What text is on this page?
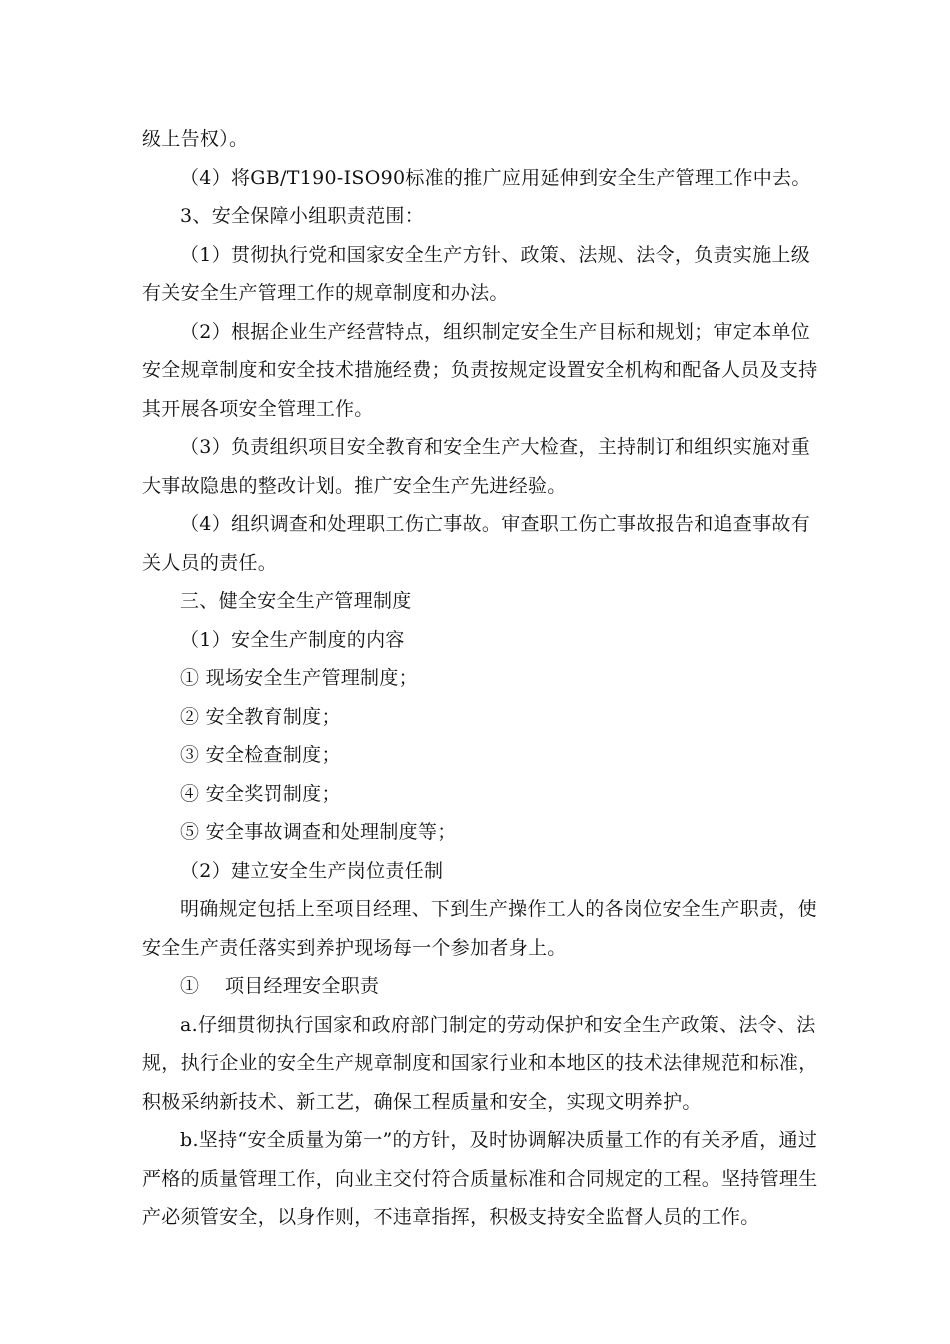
级上告权）。

（4）将GB/T190-ISO90标准的推广应用延伸到安全生产管理工作中去。

3、安全保障小组职责范围：

（1）贯彻执行党和国家安全生产方针、政策、法规、法令，负责实施上级有关安全生产管理工作的规章制度和办法。

（2）根据企业生产经营特点，组织制定安全生产目标和规划；审定本单位安全规章制度和安全技术措施经费；负责按规定设置安全机构和配备人员及支持其开展各项安全管理工作。

（3）负责组织项目安全教育和安全生产大检查，主持制订和组织实施对重大事故隐患的整改计划。推广安全生产先进经验。

（4）组织调查和处理职工伤亡事故。审查职工伤亡事故报告和追查事故有关人员的责任。

三、健全安全生产管理制度

（1）安全生产制度的内容

① 现场安全生产管理制度；

② 安全教育制度；

③ 安全检查制度；

④ 安全奖罚制度；

⑤ 安全事故调查和处理制度等；

（2）建立安全生产岗位责任制

明确规定包括上至项目经理、下到生产操作工人的各岗位安全生产职责，使安全生产责任落实到养护现场每一个参加者身上。

①　 项目经理安全职责

a.仔细贯彻执行国家和政府部门制定的劳动保护和安全生产政策、法令、法规，执行企业的安全生产规章制度和国家行业和本地区的技术法律规范和标准，积极采纳新技术、新工艺，确保工程质量和安全，实现文明养护。

b.坚持“安全质量为第一”的方针，及时协调解决质量工作的有关矛盾，通过严格的质量管理工作，向业主交付符合质量标准和合同规定的工程。坚持管理生产必须管安全，以身作则，不违章指挥，积极支持安全监督人员的工作。
